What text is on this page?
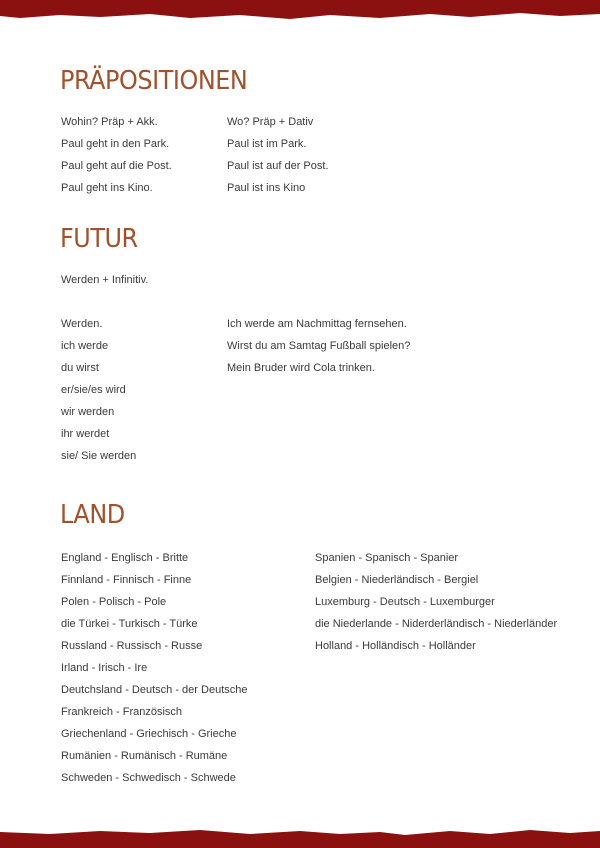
PRÄPOSITIONEN
Wohin? Präp + Akk.
Paul geht in den Park.
Paul geht auf die Post.
Paul geht ins Kino.
Wo? Präp + Dativ
Paul ist im Park.
Paul ist auf der Post.
Paul ist ins Kino
FUTUR
Werden + Infinitiv.
Werden.
ich werde
du wirst
er/sie/es wird
wir werden
ihr werdet
sie/ Sie werden
Ich werde am Nachmittag fernsehen.
Wirst du am Samtag Fußball spielen?
Mein Bruder wird Cola trinken.
LAND
England - Englisch - Britte
Finnland - Finnisch - Finne
Polen - Polisch - Pole
die Türkei - Turkisch - Türke
Russland - Russisch - Russe
Irland - Irisch - Ire
Deutchsland - Deutsch - der Deutsche
Frankreich - Französisch
Griechenland - Griechisch - Grieche
Rumänien - Rumänisch - Rumäne
Schweden - Schwedisch - Schwede
Spanien - Spanisch - Spanier
Belgien - Niederländisch - Bergiel
Luxemburg - Deutsch - Luxemburger
die Niederlande - Niderderländisch - Niederländer
Holland - Holländisch - Holländer
